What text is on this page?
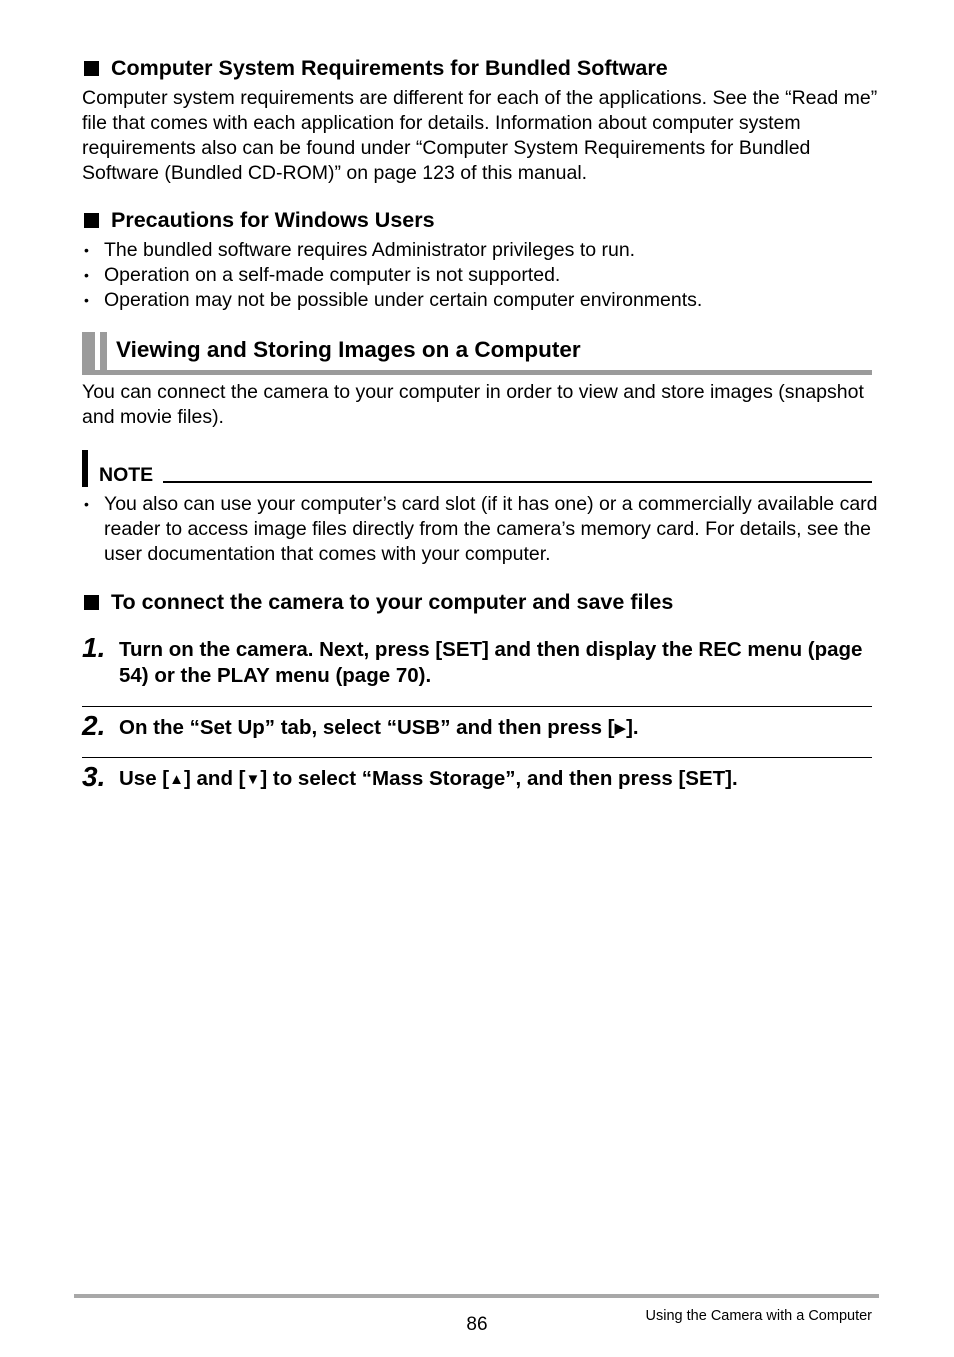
Computer System Requirements for Bundled Software

Computer system requirements are different for each of the applications. See the “Read me” file that comes with each application for details. Information about computer system requirements also can be found under “Computer System Requirements for Bundled Software (Bundled CD-ROM)” on page 123 of this manual.

Precautions for Windows Users
• The bundled software requires Administrator privileges to run.
• Operation on a self-made computer is not supported.
• Operation may not be possible under certain computer environments.
Viewing and Storing Images on a Computer

You can connect the camera to your computer in order to view and store images (snapshot and movie files).

NOTE
• You also can use your computer’s card slot (if it has one) or a commercially available card reader to access image files directly from the camera’s memory card. For details, see the user documentation that comes with your computer.
To connect the camera to your computer and save files
1. Turn on the camera. Next, press [SET] and then display the REC menu (page 54) or the PLAY menu (page 70).

2. On the “Set Up” tab, select “USB” and then press [▶].

3. Use [▲] and [▼] to select “Mass Storage”, and then press [SET].

86	Using the Camera with a Computer
